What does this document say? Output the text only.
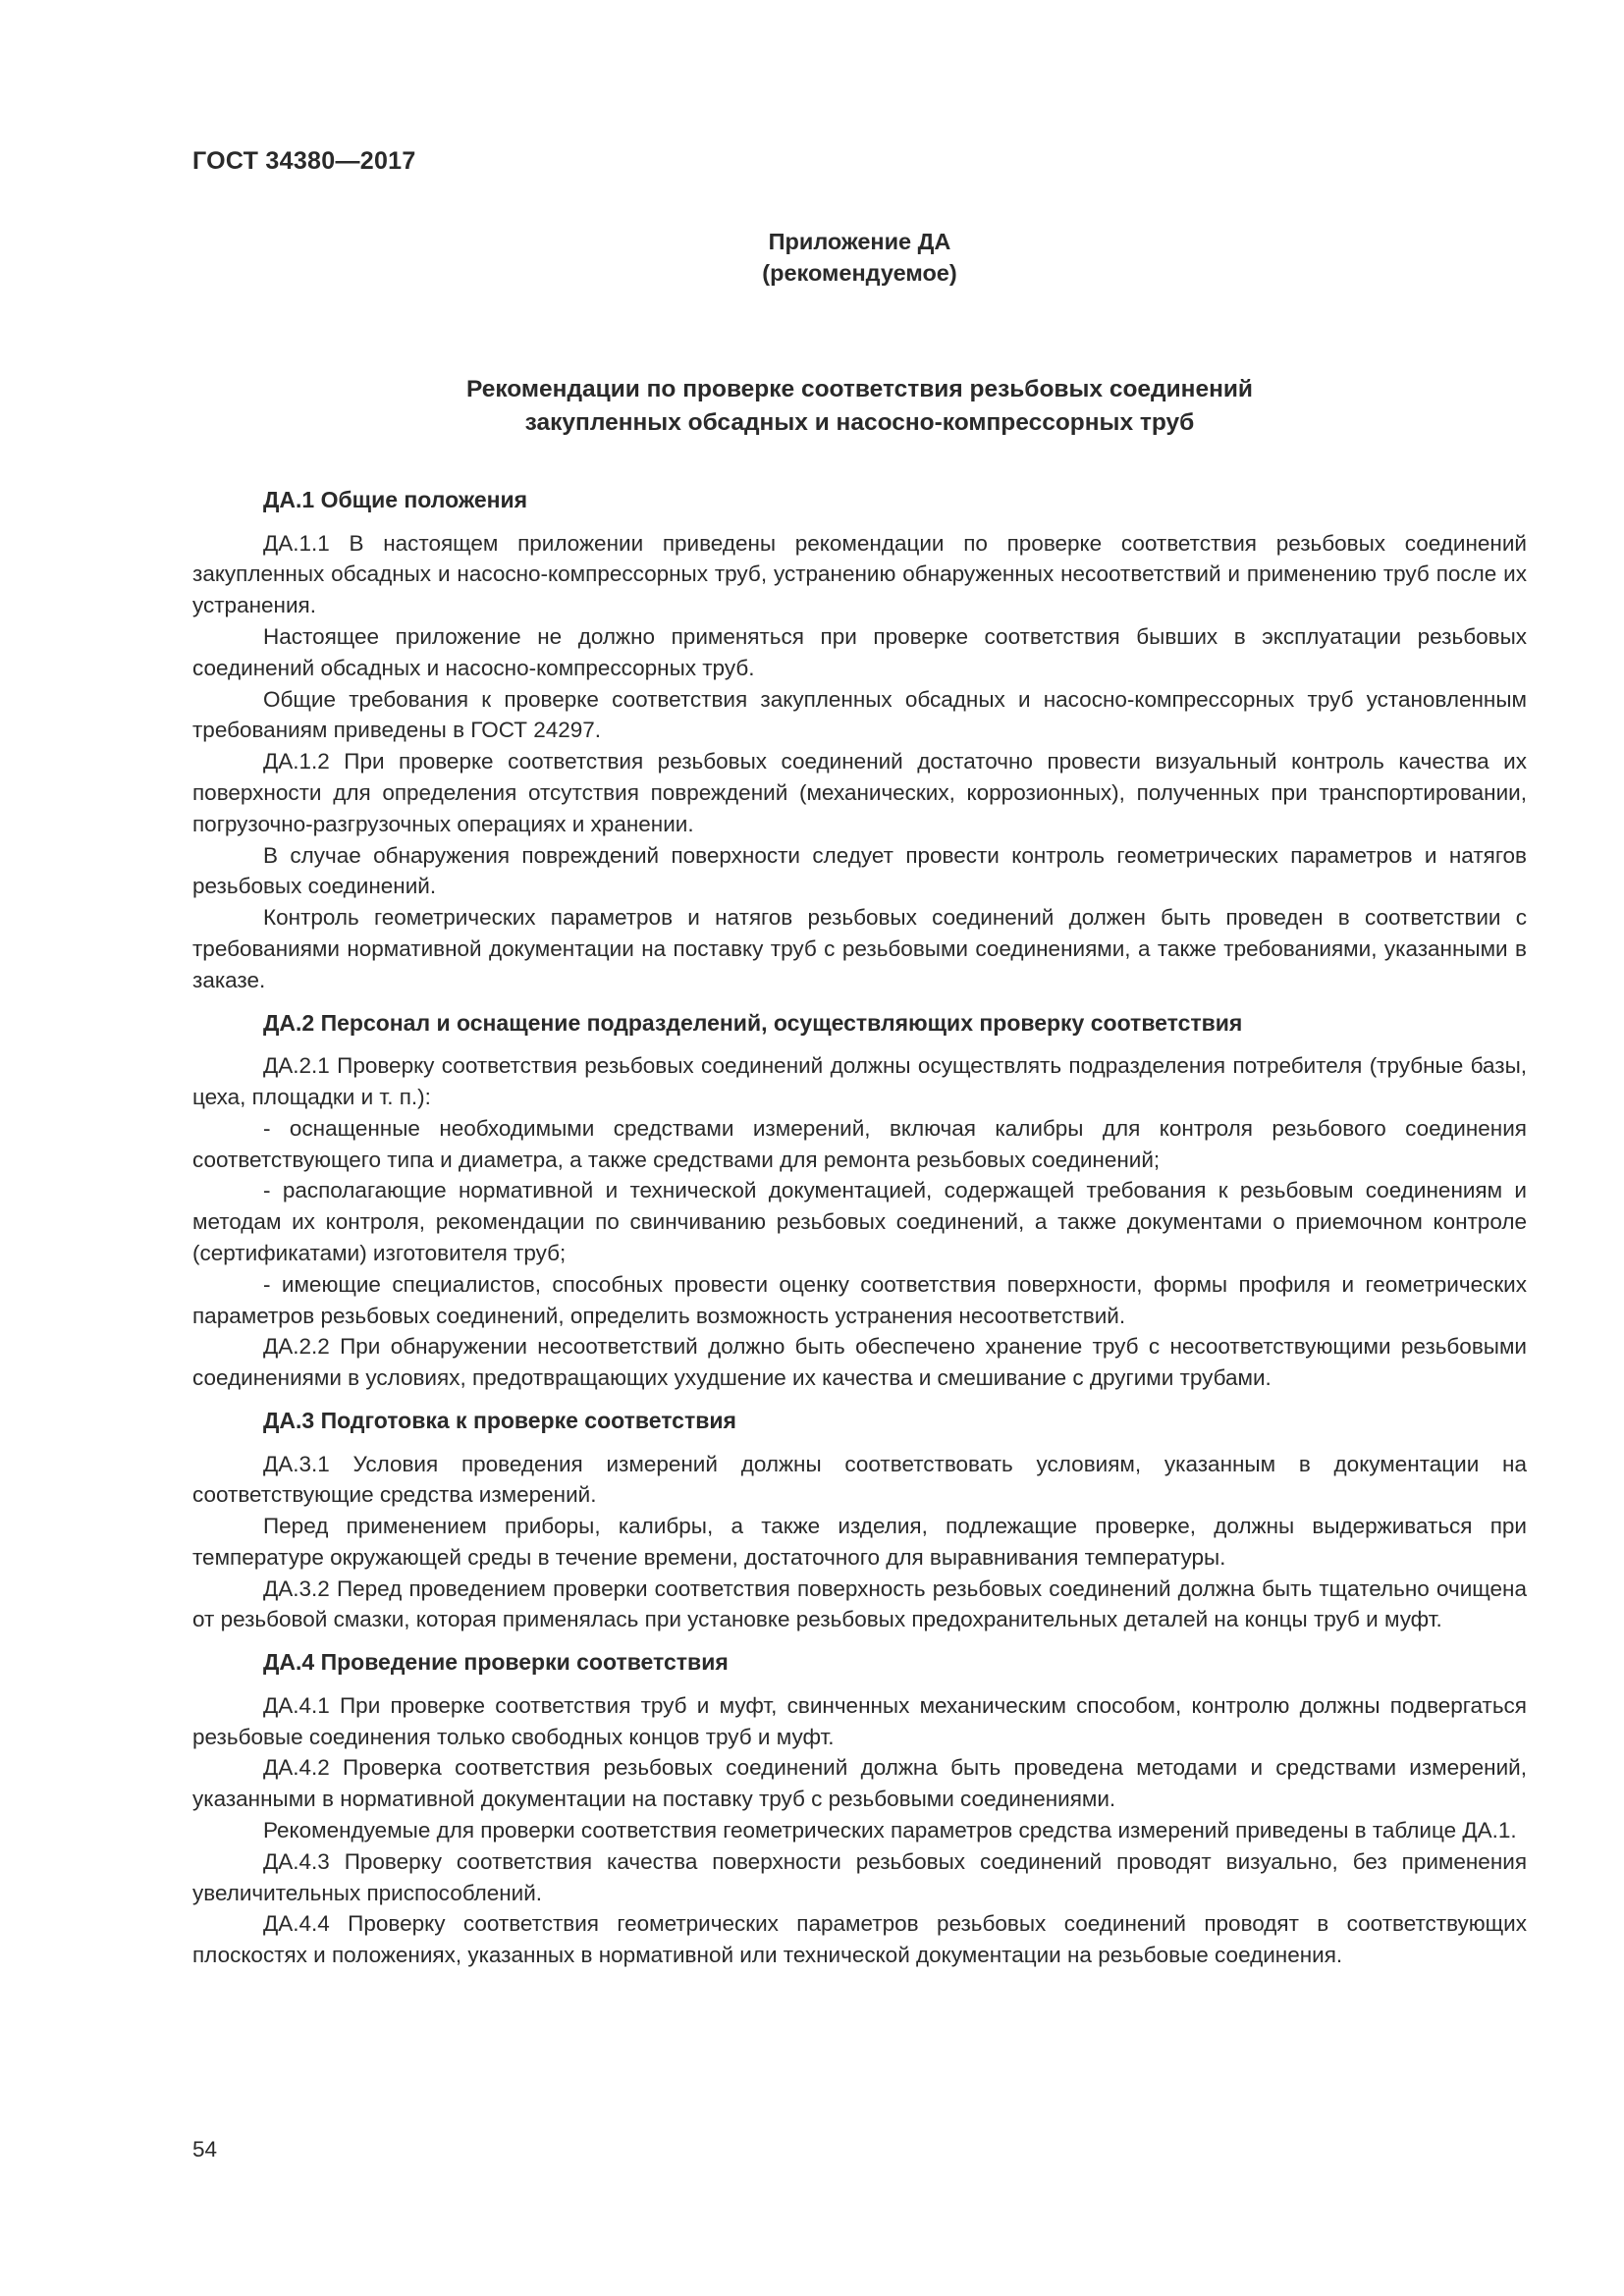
ГОСТ 34380—2017
Приложение ДА
(рекомендуемое)
Рекомендации по проверке соответствия резьбовых соединений
закупленных обсадных и насосно-компрессорных труб
ДА.1 Общие положения

ДА.1.1 В настоящем приложении приведены рекомендации по проверке соответствия резьбовых соединений закупленных обсадных и насосно-компрессорных труб, устранению обнаруженных несоответствий и применению труб после их устранения.

Настоящее приложение не должно применяться при проверке соответствия бывших в эксплуатации резьбовых соединений обсадных и насосно-компрессорных труб.

Общие требования к проверке соответствия закупленных обсадных и насосно-компрессорных труб установленным требованиям приведены в ГОСТ 24297.

ДА.1.2 При проверке соответствия резьбовых соединений достаточно провести визуальный контроль качества их поверхности для определения отсутствия повреждений (механических, коррозионных), полученных при транспортировании, погрузочно-разгрузочных операциях и хранении.

В случае обнаружения повреждений поверхности следует провести контроль геометрических параметров и натягов резьбовых соединений.

Контроль геометрических параметров и натягов резьбовых соединений должен быть проведен в соответствии с требованиями нормативной документации на поставку труб с резьбовыми соединениями, а также требованиями, указанными в заказе.

ДА.2 Персонал и оснащение подразделений, осуществляющих проверку соответствия

ДА.2.1 Проверку соответствия резьбовых соединений должны осуществлять подразделения потребителя (трубные базы, цеха, площадки и т. п.):

- оснащенные необходимыми средствами измерений, включая калибры для контроля резьбового соединения соответствующего типа и диаметра, а также средствами для ремонта резьбовых соединений;

- располагающие нормативной и технической документацией, содержащей требования к резьбовым соединениям и методам их контроля, рекомендации по свинчиванию резьбовых соединений, а также документами о приемочном контроле (сертификатами) изготовителя труб;

- имеющие специалистов, способных провести оценку соответствия поверхности, формы профиля и геометрических параметров резьбовых соединений, определить возможность устранения несоответствий.

ДА.2.2 При обнаружении несоответствий должно быть обеспечено хранение труб с несоответствующими резьбовыми соединениями в условиях, предотвращающих ухудшение их качества и смешивание с другими трубами.

ДА.3 Подготовка к проверке соответствия

ДА.3.1 Условия проведения измерений должны соответствовать условиям, указанным в документации на соответствующие средства измерений.

Перед применением приборы, калибры, а также изделия, подлежащие проверке, должны выдерживаться при температуре окружающей среды в течение времени, достаточного для выравнивания температуры.

ДА.3.2 Перед проведением проверки соответствия поверхность резьбовых соединений должна быть тщательно очищена от резьбовой смазки, которая применялась при установке резьбовых предохранительных деталей на концы труб и муфт.

ДА.4 Проведение проверки соответствия

ДА.4.1 При проверке соответствия труб и муфт, свинченных механическим способом, контролю должны подвергаться резьбовые соединения только свободных концов труб и муфт.

ДА.4.2 Проверка соответствия резьбовых соединений должна быть проведена методами и средствами измерений, указанными в нормативной документации на поставку труб с резьбовыми соединениями.

Рекомендуемые для проверки соответствия геометрических параметров средства измерений приведены в таблице ДА.1.

ДА.4.3 Проверку соответствия качества поверхности резьбовых соединений проводят визуально, без применения увеличительных приспособлений.

ДА.4.4 Проверку соответствия геометрических параметров резьбовых соединений проводят в соответствующих плоскостях и положениях, указанных в нормативной или технической документации на резьбовые соединения.

54
